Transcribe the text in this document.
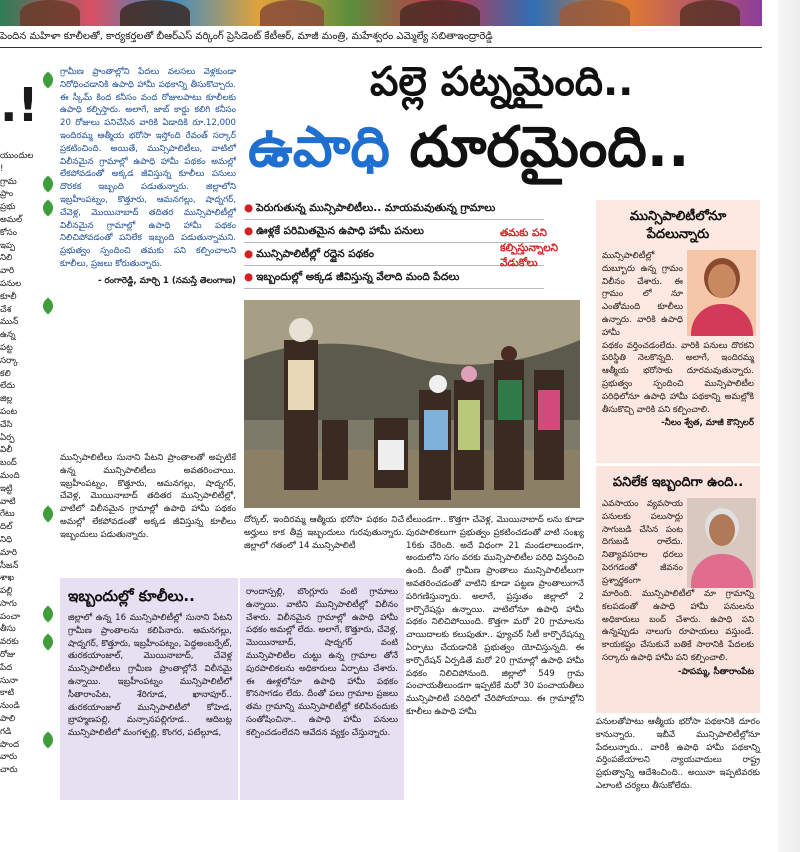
పెందిన మహిళా కూలీలతో, కార్యకర్తలతో బీఆర్ఎస్ వర్కింగ్ ప్రెసిడెంట్ కేటీఆర్, మాజీ మంత్రి, మహేశ్వరం ఎమ్మెల్యే సబితాఇంద్రారెడ్డి
.!
యుందుల
!
గ్రామ
ప్రాం
ప్రభు
అమల్
కోసం
ఇప్ప
నిలి
వారి
పనుల
కూలీ
చేశ
మున్
ఉన్న
పట్ట
సర్కా
కలి
లేదు
జిల్ల
పంట
చేసి
ఏర్ప
విలీ
బంద్
మంది
ఇట్టి
వాటి
గేటు
దిల్
నిధి
మారి
సీజన్
శాఖ
పల్లి
సాగు
పంచా
తీసు
వరకు
రోజు
పేద
సునా
కాటి
నుండి
పాలి
గడి
పొంద
వారు
చారు

గ్రామీణ ప్రాంతాల్లోని పేదలు వలసలు వెళ్లకుండా నిరోధించడానికి ఉపాధి హామీ పథకాన్ని తీసుకొచ్చారు. ఈ స్కీమ్ కింద కనీసం వంద రోజులపాటు కూలీలకు ఉపాధి కల్పిస్తారు. అలాగే, జాబ్ కార్డు కలిగి కనీసం 20 రోజులు పనిచేసిన వారికి ఏడాదికి రూ.12,000 ఇందిరమ్మ ఆత్మీయ భరోసా ఇస్తోంది రేవంత్ సర్కార్ ప్రకటించింది. అయితే, మున్సిపాలిటీలు, వాటిలో విలీనమైన గ్రామాల్లో ఉపాధి హామీ పథకం అమల్లో లేకపోవడంతో అక్కడ జీవిస్తున్న కూలీలు పనులు దొరకక ఇబ్బంది పడుతున్నారు. జిల్లాలోని ఇబ్రహీంపట్నం, కొత్తూరు, ఆమనగల్లు, షాద్నగర్, చేవెళ్ల, మొయినాబాద్ తదితర మున్సిపాలిటీల్లో విలీనమైన గ్రామాల్లో ఉపాధి హామీ పథకం నిలిచిపోవడంతో పనిలేక ఇబ్బంది పడుతున్నామని. ప్రభుత్వం స్పందించి తమకు పని కల్పించాలని కూలీలు, ప్రజలు కోరుతున్నారు.

- రంగారెడ్డి, మార్చి 1 (నమస్తే తెలంగాణ)

మున్సిపాలిటీలు సునాని పేటని ప్రాంతాలతో అప్పటికే ఉన్న మున్సిపాలిటీలు అవతరించాయి. ఇబ్రహీంపట్నం, కొత్తూరు, ఆమనగల్లు, షాద్నగర్, చేవెళ్ల, మొయినాబాద్ తదితర మున్సిపాలిటీల్లో, వాటిలో విలీనమైన గ్రామాల్లో ఉపాధి హామీ పథకం అమల్లో లేకపోవడంతో అక్కడ జీవిస్తున్న కూలీలు ఇబ్బందులు పడుతున్నారు.

పల్లె పట్నమైంది..
ఉపాధి దూరమైంది..
● పెరుగుతున్న మున్సిపాలిటీలు.. మాయమవుతున్న గ్రామాలు
● ఊళ్లకే పరిమితమైన ఉపాధి హామీ పనులు
● మున్సిపాలిటీల్లో రద్దైన పథకం
● ఇబ్బందుల్లో అక్కడ జీవిస్తున్న వేలాది మంది పేదలు
తమకు పని కల్పిస్తున్నాలని వేడుకోలు

దోర్కల్, ఇందిరమ్మ ఆత్మీయ భరోసా పథకం నిచే అర్హులు కాక తీవ్ర ఇబ్బందులు గురవుతున్నారు. జిల్లాలో గతంలో 14 మున్సిపాలిటీ

టీలుండగా.. కొత్తగా చేవెళ్ల, మొయినాబాద్ లను కూడా పురపాలికలుగా ప్రభుత్వం ప్రకటించడంతో వాటి సంఖ్య 16కు చేరింది. అదే విధంగా 21 మండలాలుండగా, అందులోని సగం వరకు మున్సిపాలిటీల పరిధి విస్తరించి ఉంది. దీంతో గ్రామీణ ప్రాంతాలు మున్సిపాలిటీలుగా అవతరించడంతో వాటిని కూడా పట్టణ ప్రాంతాలుగానే పరిగణిస్తున్నారు. అలాగే, ప్రస్తుతం జిల్లాలో 2 కార్పొరేషన్లు ఉన్నాయి. వాటిలోనూ ఉపాధి హామీ పథకం నిలిచిపోయింది. కొత్తగా మరో 20 గ్రామాలను చాయిదాలకు కలుపుతూ.. ఫ్యూచర్ సిటీ కార్పొరేషన్ను ఏర్పాటు చేయడానికి ప్రభుత్వం యోచిస్తున్నది. ఈ కార్పొరేషన్ ఏర్పడితే మరో 20 గ్రామాల్లో ఉపాధి హామీ పథకం నిలిచిపోనుంది. జిల్లాలో 549 గ్రామ పంచాయతీలుండగా ఇప్పటికే మరో 30 పంచాయతీలు మున్సిపాలిటీ పరిధిలో చేరిపోయాయి. ఈ గ్రామాల్లోని కూలీలు ఉపాధి హామీ

ఇబ్బందుల్లో కూలీలు..

జిల్లాలో ఉన్న 16 మున్సిపాలిటీల్లో సునాని పేటని గ్రామీణ ప్రాంతాలను కలిపినారు. ఆమనగల్లు, షాద్నగర్, కొత్తూరు, ఇబ్రహీంపట్నం, పెద్దఅంబర్పేట్, తురకయాంజాల్, మొయినాబాద్, చేవెళ్ల మున్సిపాలిటీలు గ్రామీణ ప్రాంతాల్లోనే విలీనమై ఉన్నాయి. ఇబ్రహీంపట్నం మున్సిపాలిటీలో సీతారాంపేట, శేరిగూడ, ఖానాపూర్.. తురకయాంజాల్ మున్సిపాలిటీలో కోహెడ, బ్రాహ్మణపల్లి, మన్సానపల్లిగూడ.. ఆదిబట్ల మున్సిపాలిటీలో మంగళ్పల్లి, కొంగర, పటేల్గూడ,

రాందాస్పల్లి, బొంగ్లూరు వంటి గ్రామాలు ఉన్నాయి. వాటిని మున్సిపాలిటీల్లో విలీనం చేశారు. విలీనమైన గ్రామాల్లో ఉపాధి హామీ పథకం అమల్లో లేదు. అలాగే, కొత్తూరు, చేవెళ్ల, మొయినాబాద్, షాద్నగర్ వంటి మున్సిపాలిటీల చుట్టు ఉన్న గ్రామాల తోనే పురపాలికలను అధికారులు ఏర్పాటు చేశారు. ఈ ఊళ్లలోనూ ఉపాధి హామీ పథకం కొనసాగడం లేదు. దీంతో పలు గ్రామాల ప్రజలు తమ గ్రామాన్ని మున్సిపాలిటీల్లో కలిపినందుకు సంతోషించినా.. ఉపాధి హామీ పనులు కల్పించడంలేదని ఆవేదన వ్యక్తం చేస్తున్నారు.

మున్సిపాలిటీలోనూ పేదలున్నారు

మున్సిపాలిటీల్లో దుబ్బూరు ఉన్న గ్రామం విలీనం చేశారు. ఈ గ్రామం లో నూ ఎంతోమంది కూలీలు ఉన్నారు. వారికి ఉపాధి హామీ

పథకం వర్తించడంలేదు. వారికి పనులు దొరకని పరిస్థితి నెలకొన్నది. అలాగే, ఇందిరమ్మ ఆత్మీయ భరోసాకు దూరమవుతున్నారు. ప్రభుత్వం స్పందించి మున్సిపాలిటీల పరిధిలోనూ ఉపాధి హామీ పథకాన్ని అమల్లోకి తీసుకొచ్చి వారికి పని కల్పించాలి.

-నీలం శ్వేత, మాజీ కౌన్సిలర్
పనిలేక ఇబ్బందిగా ఉంది..

ఎవసాయం వ్యవసాయ పనులకు పలుసార్లు సాగుబడి చేసిన పంట దిగుబడి రాలేదు. నిత్యావసరాల ధరలు పెరగడంతో జీవనం ప్రశ్నార్థకంగా

మారింది. మున్సిపాలిటీలో మా గ్రామాన్ని కలపడంతో ఉపాధి హామీ పనులను అధికారులు బంద్ చేశారు. ఉపాధి పని ఉన్నప్పుడు నాలుగు రూపాయలు వస్తుండే. కాయకష్టం చేసుకునే బతికే సారానికి పేదలకు సర్కారు ఉపాధి హామీ పని కల్పించాలి.

-పాపమ్మ, సీతారాంపేట

పనులతోపాటు ఆత్మీయ భరోసా పథకానికి దూరం కానున్నారు. ఇబీవే మున్సిపాలిటీల్లోనూ పేదలున్నారు.. వారికీ ఉపాధి హామీ పథకాన్ని వర్తింపజేయాలని న్యాయవాదులు రాష్ట్ర ప్రభుత్వాన్ని ఆదేశించింది.. అయినా ఇప్పటివరకు ఎలాంటి చర్యలు తీసుకోలేదు.
